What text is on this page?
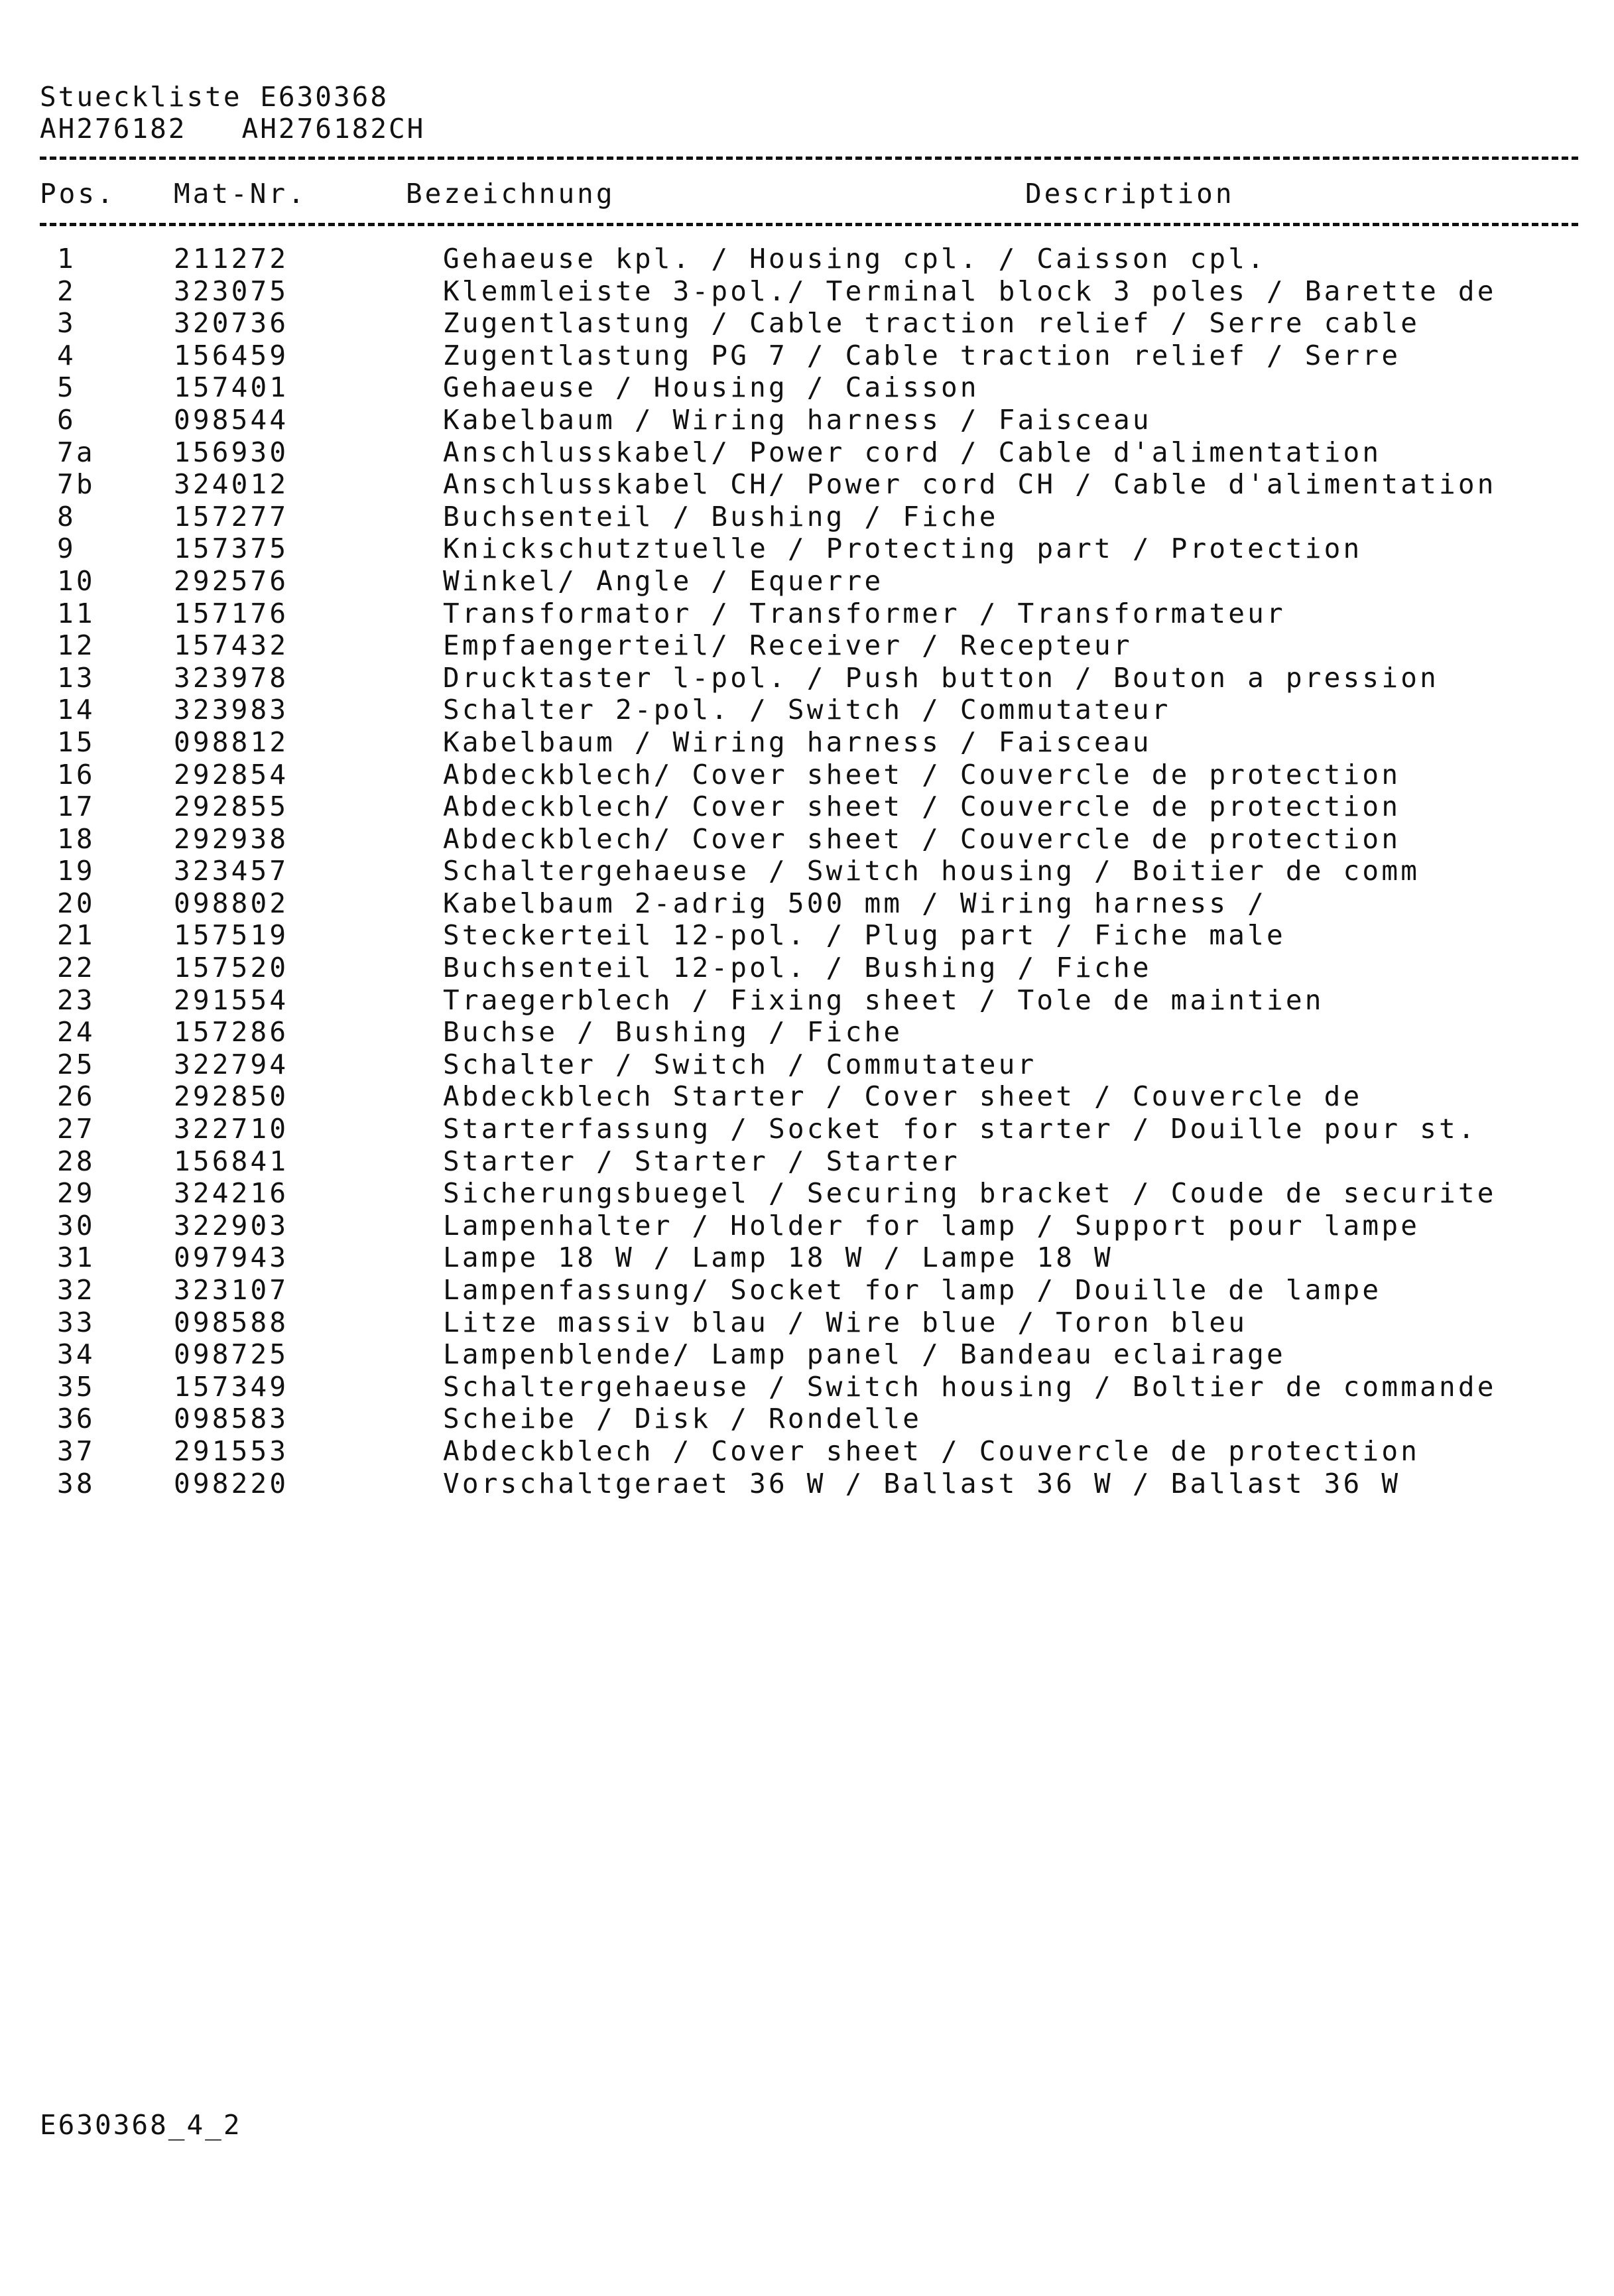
Stueckliste E630368
AH276182   AH276182CH
Pos. Mat-Nr.	Bezeichnung	Description
1	211272	Gehaeuse kpl. / Housing cpl. / Caisson cpl.
2	323075	Klemmleiste 3-pol./ Terminal block 3 poles / Barette de
3	320736	Zugentlastung / Cable traction relief / Serre cable
4	156459	Zugentlastung PG 7 / Cable traction relief / Serre
5	157401	Gehaeuse / Housing / Caisson
6	098544	Kabelbaum / Wiring harness / Faisceau
7a	156930	Anschlusskabel/ Power cord / Cable d'alimentation
7b	324012	Anschlusskabel CH/ Power cord CH / Cable d'alimentation
8	157277	Buchsenteil / Bushing / Fiche
9	157375	Knickschutztuelle / Protecting part / Protection
10	292576	Winkel/ Angle / Equerre
11	157176	Transformator / Transformer / Transformateur
12	157432	Empfaengerteil/ Receiver / Recepteur
13	323978	Drucktaster l-pol. / Push button / Bouton a pression
14	323983	Schalter 2-pol. / Switch / Commutateur
15	098812	Kabelbaum / Wiring harness / Faisceau
16	292854	Abdeckblech/ Cover sheet / Couvercle de protection
17	292855	Abdeckblech/ Cover sheet / Couvercle de protection
18	292938	Abdeckblech/ Cover sheet / Couvercle de protection
19	323457	Schaltergehaeuse / Switch housing / Boitier de comm
20	098802	Kabelbaum 2-adrig 500 mm / Wiring harness /
21	157519	Steckerteil 12-pol. / Plug part / Fiche male
22	157520	Buchsenteil 12-pol. / Bushing / Fiche
23	291554	Traegerblech / Fixing sheet / Tole de maintien
24	157286	Buchse / Bushing / Fiche
25	322794	Schalter / Switch / Commutateur
26	292850	Abdeckblech Starter / Cover sheet / Couvercle de
27	322710	Starterfassung / Socket for starter / Douille pour st.
28	156841	Starter / Starter / Starter
29	324216	Sicherungsbuegel / Securing bracket / Coude de securite
30	322903	Lampenhalter / Holder for lamp / Support pour lampe
31	097943	Lampe 18 W / Lamp 18 W / Lampe 18 W
32	323107	Lampenfassung/ Socket for lamp / Douille de lampe
33	098588	Litze massiv blau / Wire blue / Toron bleu
34	098725	Lampenblende/ Lamp panel / Bandeau eclairage
35	157349	Schaltergehaeuse / Switch housing / Boltier de commande
36	098583	Scheibe / Disk / Rondelle
37	291553	Abdeckblech / Cover sheet / Couvercle de protection
38	098220	Vorschaltgeraet 36 W / Ballast 36 W / Ballast 36 W
E630368_4_2
